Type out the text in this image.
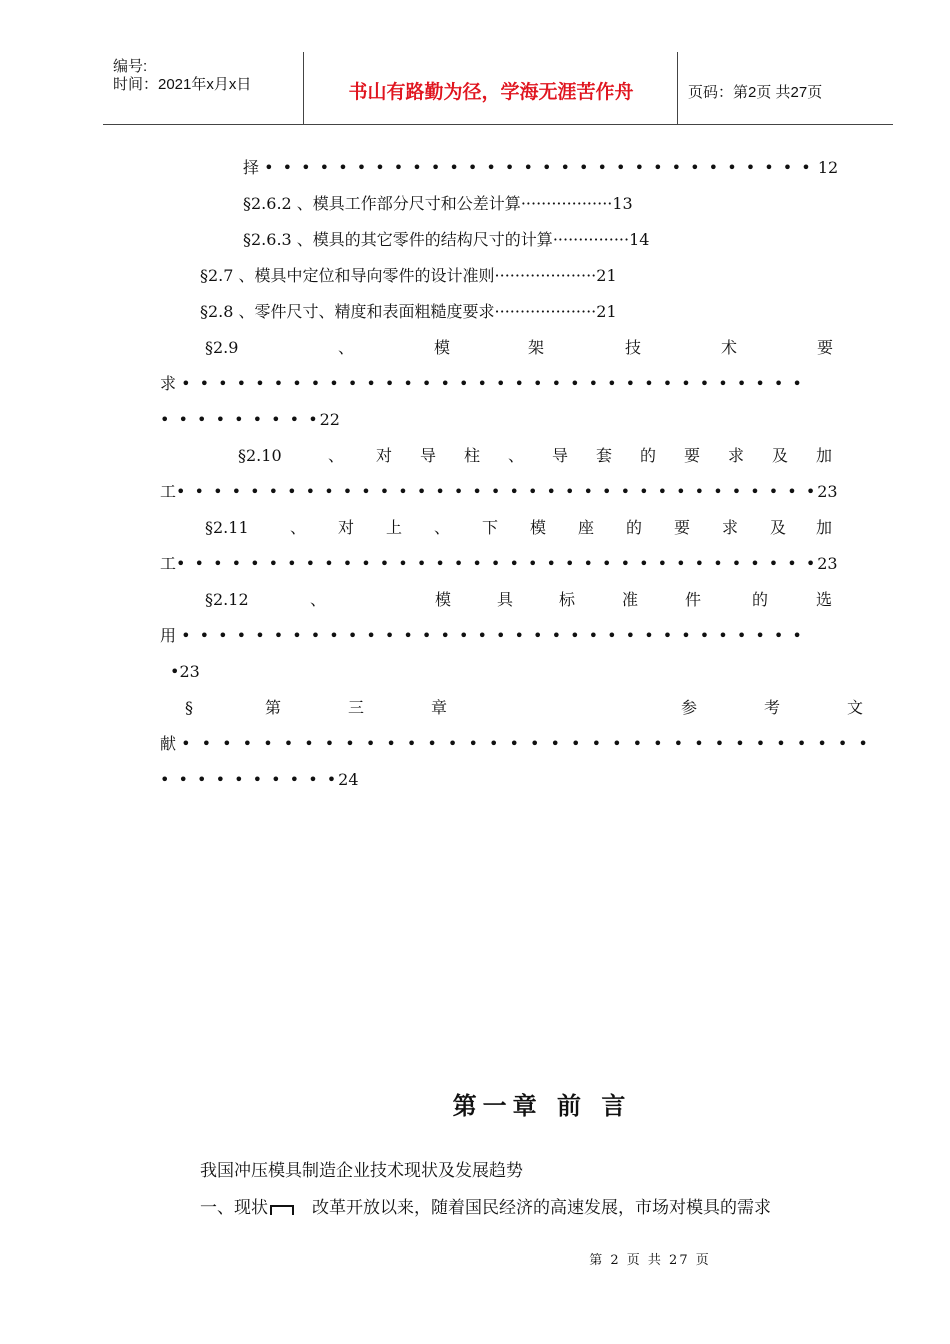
编号:
时间：2021年x月x日	书山有路勤为径，学海无涯苦作舟	页码：第2页 共27页
择 • • • • • • • • • • • • • • • • • • • • • • • • • • • • • • 12
§2.6.2 、模具工作部分尺寸和公差计算··················13
§2.6.3 、模具的其它零件的结构尺寸的计算···············14
§2.7 、模具中定位和导向零件的设计准则····················21
§2.8 、零件尺寸、精度和表面粗糙度要求····················21
§2.9	、	模	架	技	术	要
求 • • • • • • • • • • • • • • • • • • • • • • • • • • • • • • • • • •
• • • • • • • • •22
§2.10	、 对 导 柱 、 导 套 的 要 求 及 加
工• • • • • • • • • • • • • • • • • • • • • • • • • • • • • • • • • • •23
§2.11	、 对 上 、 下 模 座 的 要 求 及 加
工• • • • • • • • • • • • • • • • • • • • • • • • • • • • • • • • • • •23
§2.12	、	模	具	标	准	件	的	选
用 • • • • • • • • • • • • • • • • • • • • • • • • • • • • • • • • • •
•23
§	第	三	章	参	考	文
献 • • • • • • • • • • • • • • • • • • • • • • • • • • • • • • • • • •
• • • • • • • • • •24
第一章 前 言
我国冲压模具制造企业技术现状及发展趋势
一、现状	改革开放以来，随着国民经济的高速发展，市场对模具的需求
第 2 页 共 27 页
